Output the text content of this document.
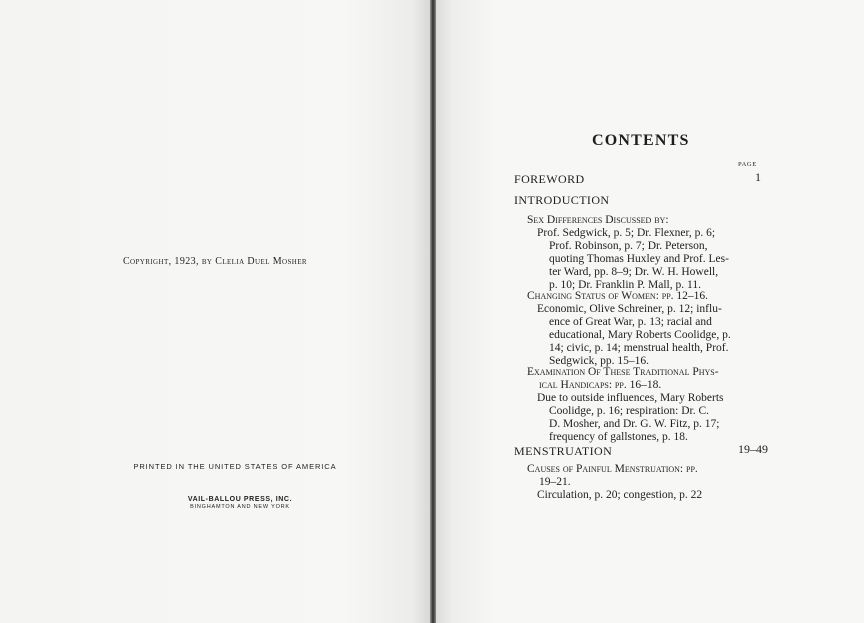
Copyright, 1923, by Clelia Duel Mosher
PRINTED IN THE UNITED STATES OF AMERICA
VAIL-BALLOU PRESS, INC.
BINGHAMTON AND NEW YORK
CONTENTS
PAGE
FOREWORD	1
INTRODUCTION
Sex Differences Discussed by:
Prof. Sedgwick, p. 5; Dr. Flexner, p. 6;
Prof. Robinson, p. 7; Dr. Peterson,
quoting Thomas Huxley and Prof. Les-
ter Ward, pp. 8–9; Dr. W. H. Howell,
p. 10; Dr. Franklin P. Mall, p. 11.
Changing Status of Women: pp. 12–16.
Economic, Olive Schreiner, p. 12; influ-
ence of Great War, p. 13; racial and
educational, Mary Roberts Coolidge, p.
14; civic, p. 14; menstrual health, Prof.
Sedgwick, pp. 15–16.
Examination Of These Traditional Phys-
ical Handicaps: pp. 16–18.
Due to outside influences, Mary Roberts
Coolidge, p. 16; respiration: Dr. C.
D. Mosher, and Dr. G. W. Fitz, p. 17;
frequency of gallstones, p. 18.
MENSTRUATION	19–49
Causes of Painful Menstruation: pp.
19–21.
Circulation, p. 20; congestion, p. 22
